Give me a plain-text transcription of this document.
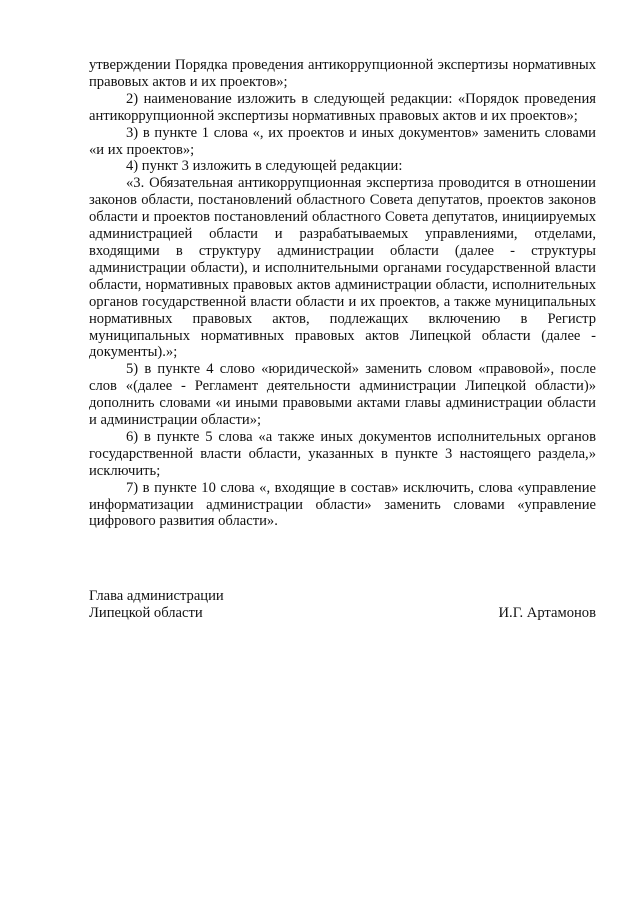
утверждении Порядка проведения антикоррупционной экспертизы нормативных правовых актов и их проектов»;

2) наименование изложить в следующей редакции: «Порядок проведения антикоррупционной экспертизы нормативных правовых актов и их проектов»;

3) в пункте 1 слова «, их проектов и иных документов» заменить словами «и их проектов»;

4) пункт 3 изложить в следующей редакции:

«3. Обязательная антикоррупционная экспертиза проводится в отношении законов области, постановлений областного Совета депутатов, проектов законов области и проектов постановлений областного Совета депутатов, инициируемых администрацией области и разрабатываемых управлениями, отделами, входящими в структуру администрации области (далее - структуры администрации области), и исполнительными органами государственной власти области, нормативных правовых актов администрации области, исполнительных органов государственной власти области и их проектов, а также муниципальных нормативных правовых актов, подлежащих включению в Регистр муниципальных нормативных правовых актов Липецкой области (далее - документы).»;

5) в пункте 4 слово «юридической» заменить словом «правовой», после слов «(далее - Регламент деятельности администрации Липецкой области)» дополнить словами «и иными правовыми актами главы администрации области и администрации области»;

6) в пункте 5 слова «а также иных документов исполнительных органов государственной власти области, указанных в пункте 3 настоящего раздела,» исключить;

7) в пункте 10 слова «, входящие в состав» исключить, слова «управление информатизации администрации области» заменить словами «управление цифрового развития области».

Глава администрации
Липецкой области	И.Г. Артамонов
